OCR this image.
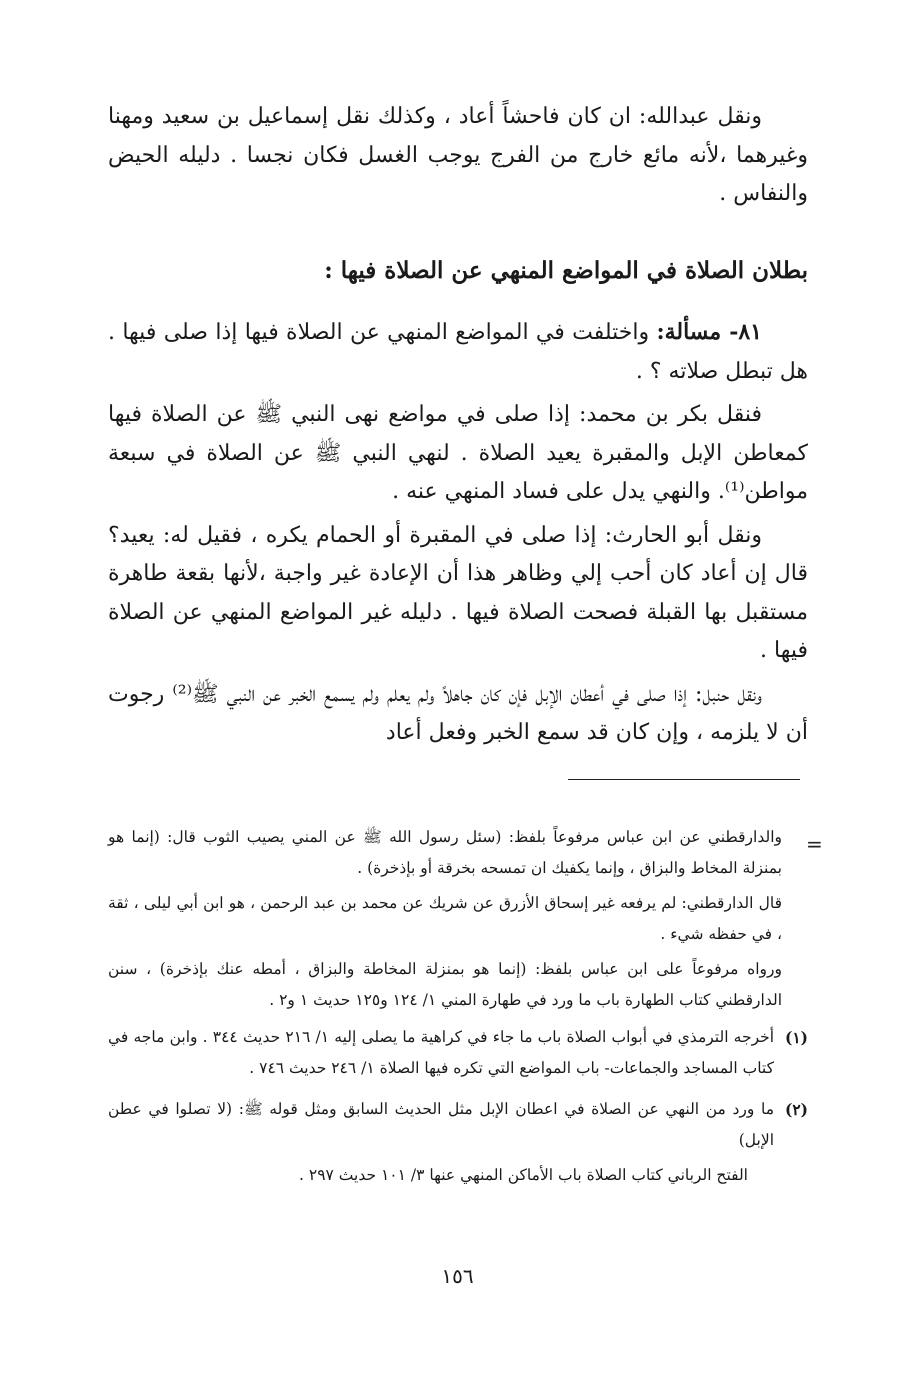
ونقل عبدالله: ان كان فاحشاً أعاد ، وكذلك نقل إسماعيل بن سعيد ومهنا وغيرهما ،لأنه مائع خارج من الفرج يوجب الغسل فكان نجسا . دليله الحيض والنفاس .

بطلان الصلاة في المواضع المنهي عن الصلاة فيها :

٨١- مسألة: واختلفت في المواضع المنهي عن الصلاة فيها إذا صلى فيها . هل تبطل صلاته ؟ .

فنقل بكر بن محمد: إذا صلى في مواضع نهى النبي ﷺ عن الصلاة فيها كمعاطن الإبل والمقبرة يعيد الصلاة . لنهي النبي ﷺ عن الصلاة في سبعة مواطن⁽¹⁾. والنهي يدل على فساد المنهي عنه .

ونقل أبو الحارث: إذا صلى في المقبرة أو الحمام يكره ، فقيل له: يعيد؟ قال إن أعاد كان أحب إلي وظاهر هذا أن الإعادة غير واجبة ،لأنها بقعة طاهرة مستقبل بها القبلة فصحت الصلاة فيها . دليله غير المواضع المنهي عن الصلاة فيها .

ونقل حنبل: إذا صلى في أعطان الإبل فإن كان جاهلاً ولم يعلم ولم يسمع الخبر عن النبي ﷺ⁽²⁾ رجوت أن لا يلزمه ، وإن كان قد سمع الخبر وفعل أعاد

=

والدارقطني عن ابن عباس مرفوعاً بلفظ: (سئل رسول الله ﷺ عن المني يصيب الثوب قال: (إنما هو بمنزلة المخاط والبزاق ، وإنما يكفيك ان تمسحه بخرقة أو بإذخرة) .

قال الدارقطني: لم يرفعه غير إسحاق الأزرق عن شريك عن محمد بن عبد الرحمن ، هو ابن أبي ليلى ، ثقة ، في حفظه شيء .

ورواه مرفوعاً على ابن عباس بلفظ: (إنما هو بمنزلة المخاطة والبزاق ، أمطه عنك بإذخرة) ، سنن الدارقطني كتاب الطهارة باب ما ورد في طهارة المني ١/ ١٢٤ و١٢٥ حديث ١ و٢ .

(١)

أخرجه الترمذي في أبواب الصلاة باب ما جاء في كراهية ما يصلى إليه ١/ ٢١٦ حديث ٣٤٤ . وابن ماجه في كتاب المساجد والجماعات- باب المواضع التي تكره فيها الصلاة ١/ ٢٤٦ حديث ٧٤٦ .

(٢)

ما ورد من النهي عن الصلاة في اعطان الإبل مثل الحديث السابق ومثل قوله ﷺ: (لا تصلوا في عطن الإبل)

الفتح الرباني كتاب الصلاة باب الأماكن المنهي عنها ٣/ ١٠١ حديث ٢٩٧ .

١٥٦
